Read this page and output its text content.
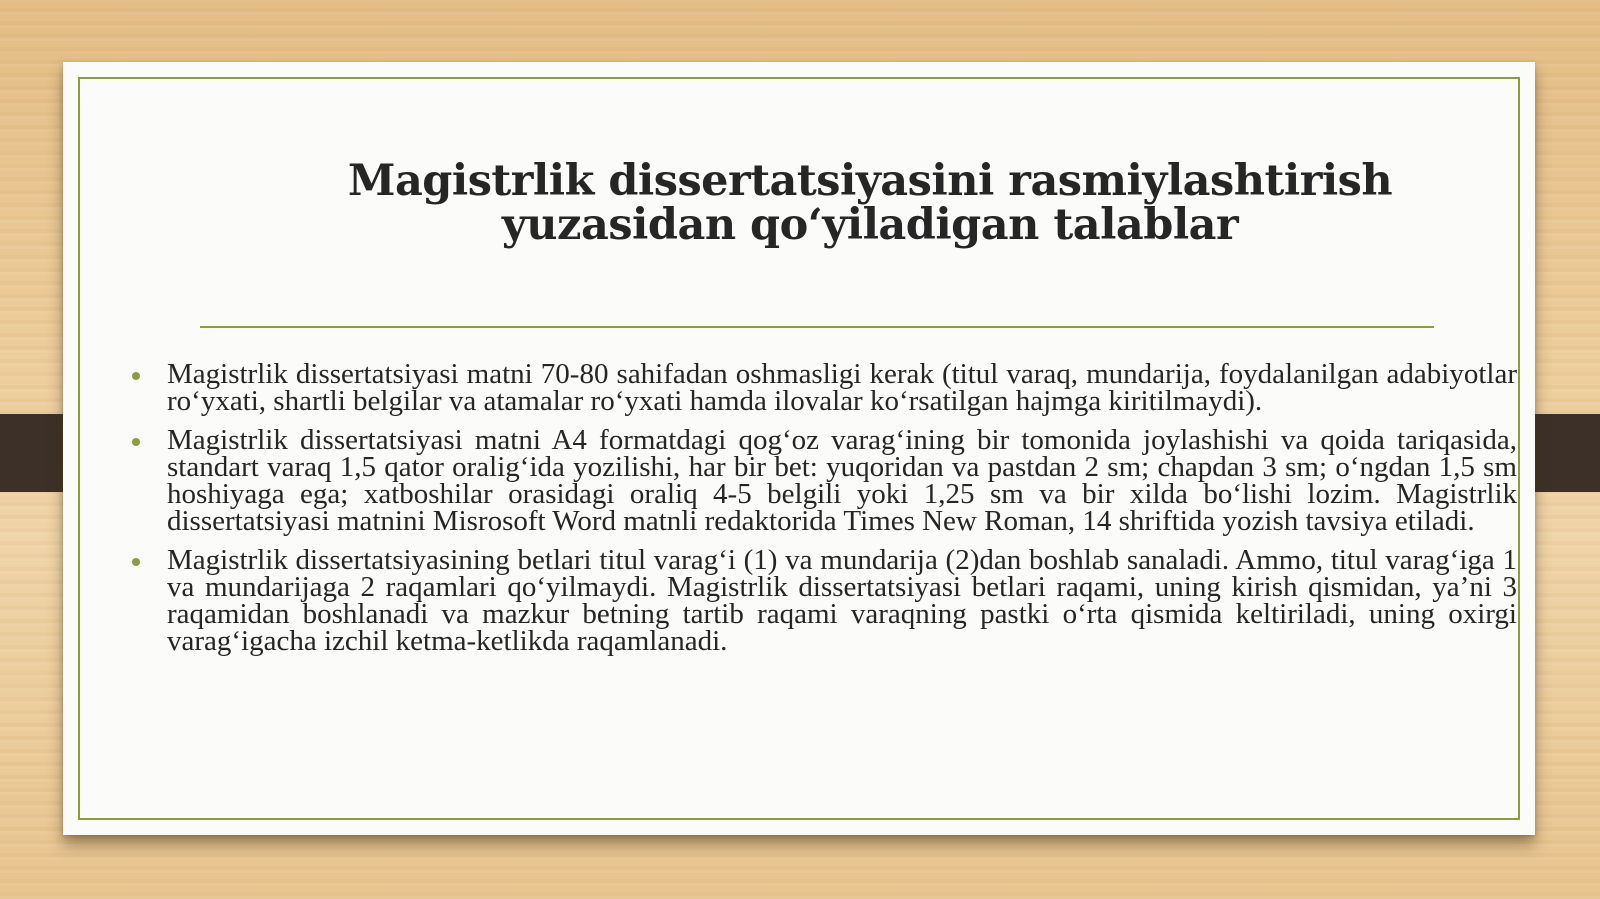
Magistrlik dissertatsiyasini rasmiylashtirish
yuzasidan qo‘yiladigan talablar
Magistrlik dissertatsiyasi matni 70-80 sahifadan oshmasligi kerak (titul varaq, mundarija, foydalanilgan adabiyotlar ro‘yxati, shartli belgilar va atamalar ro‘yxati hamda ilovalar ko‘rsatilgan hajmga kiritilmaydi).
Magistrlik dissertatsiyasi matni A4 formatdagi qog‘oz varag‘ining bir tomonida joylashishi va qoida tariqasida, standart varaq 1,5 qator oralig‘ida yozilishi, har bir bet: yuqoridan va pastdan 2 sm; chapdan 3 sm; o‘ngdan 1,5 sm hoshiyaga ega; xatboshilar orasidagi oraliq 4-5 belgili yoki 1,25 sm va bir xilda bo‘lishi lozim. Magistrlik dissertatsiyasi matnini Misrosoft Word matnli redaktorida Times New Roman, 14 shriftida yozish tavsiya etiladi.
Magistrlik dissertatsiyasining betlari titul varag‘i (1) va mundarija (2)dan boshlab sanaladi. Ammo, titul varag‘iga 1 va mundarijaga 2 raqamlari qo‘yilmaydi. Magistrlik dissertatsiyasi betlari raqami, uning kirish qismidan, ya’ni 3 raqamidan boshlanadi va mazkur betning tartib raqami varaqning pastki o‘rta qismida keltiriladi, uning oxirgi varag‘igacha izchil ketma-ketlikda raqamlanadi.
